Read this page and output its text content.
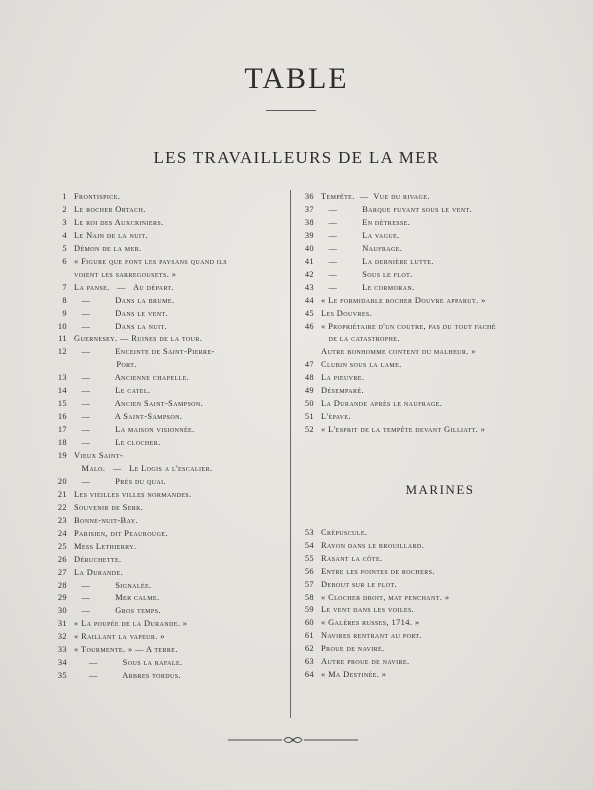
TABLE
LES TRAVAILLEURS DE LA MER
1 Frontispice.
2 Le rocher Ortach.
3 Le roi des Auxcriniers.
4 Le Nain de la nuit.
5 Démon de la mer.
6 « Figure que font les paysans quand ils
voient les sarregousets. »
7 La panse.   —   Au départ.
8 —          Dans la brume.
9 —          Dans le vent.
10 —          Dans la nuit.
11 Guernesey. — Ruines de la tour.
12 —          Enceinte de Saint-Pierre-
Port.
13 —          Ancienne chapelle.
14 —          Le catel.
15 —          Ancien Saint-Sampson.
16 —          A Saint-Sampson.
17 —          La maison visionnée.
18 —          Le clocher.
19 Vieux Saint-
Malo.   —   Le Logis a l'escalier.
20 —          Près du quai.
21 Les vieilles villes normandes.
22 Souvenir de Serk.
23 Bonne-nuit-Bay.
24 Parisien, dit Peaurouge.
25 Mess Lethierry.
26 Déruchette.
27 La Durande.
28 —          Signalée.
29 —          Mer calme.
30 —          Gros temps.
31 « La poupée de la Durande. »
32 « Raillant la vapeur. »
33 « Tourmente. » — A terre.
34 —          Sous la rafale.
35 —          Arbres tordus.
36 Tempête.  —  Vue du rivage.
37 —          Barque fuyant sous le vent.
38 —          En détresse.
39 —          La vague.
40 —          Naufrage.
41 —          La dernière lutte.
42 —          Sous le flot.
43 —          Le cormoran.
44 « Le formidable rocher Douvre apparut. »
45 Les Douvres.
46 « Propriétaire d'un coutre, pas du tout faché
de la catastrophe.
Autre bonhomme content du malheur. »
47 Clubin sous la lame.
48 La pieuvre.
49 Désemparé.
50 La Durande après le naufrage.
51 L'épave.
52 « L'esprit de la tempête devant Gilliatt. »
MARINES
53 Crépuscule.
54 Rayon dans le brouillard.
55 Rasant la côte.
56 Entre les pointes de rochers.
57 Debout sur le flot.
58 « Clocher droit, mat penchant. »
59 Le vent dans les voiles.
60 « Galères russes, 1714. »
61 Navires rentrant au port.
62 Proue de navire.
63 Autre proue de navire.
64 « Ma Destinée. »
